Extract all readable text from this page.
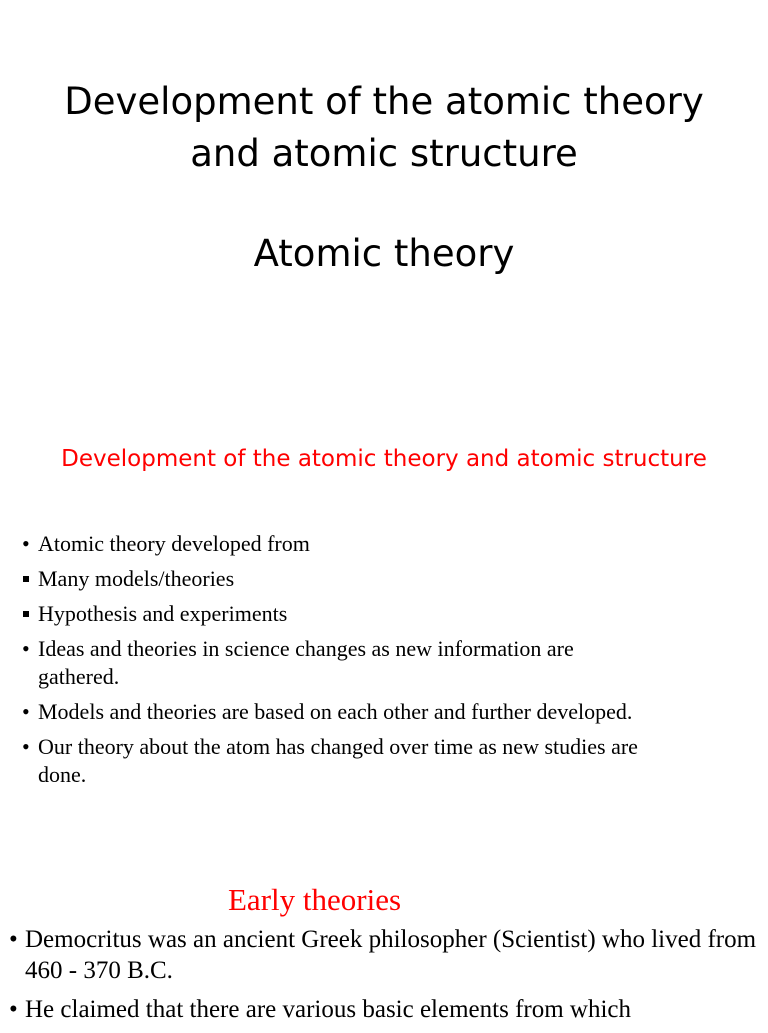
Development of the atomic theory
and atomic structure
Atomic theory
Development of the atomic theory and atomic structure
•
Atomic theory developed from
Many models/theories
Hypothesis and experiments
•
Ideas and theories in science changes as new information are gathered.
•
Models and theories are based on each other and further developed.
•
Our theory about the atom has changed over time as new studies are done.
Early theories
•
Democritus was an ancient Greek philosopher (Scientist) who lived from 460 - 370 B.C.
•
He claimed that there are various basic elements from which
